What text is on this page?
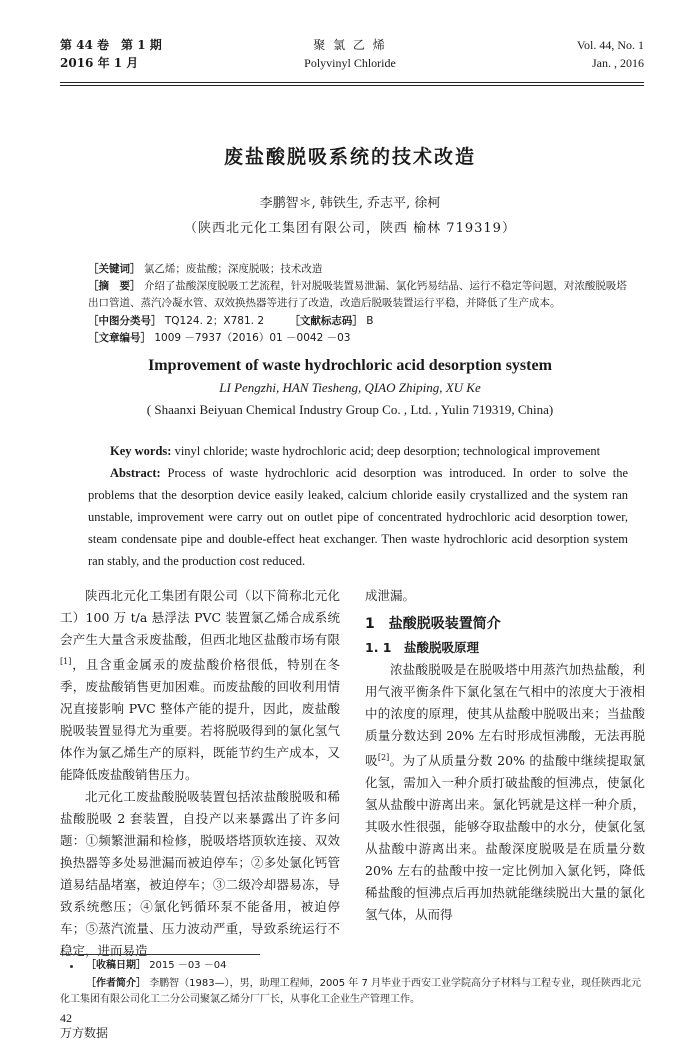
第 44 卷　第 1 期
2016 年 1 月
聚 氯 乙 烯
Polyvinyl Chloride
Vol. 44, No. 1
Jan. , 2016
废盐酸脱吸系统的技术改造
李鹏智＊, 韩铁生, 乔志平, 徐柯
（陕西北元化工集团有限公司，陕西 榆林 719319）
［关键词］ 氯乙烯；废盐酸；深度脱吸；技术改造
［摘　要］ 介绍了盐酸深度脱吸工艺流程，针对脱吸装置易泄漏、氯化钙易结晶、运行不稳定等问题，对浓酸脱吸塔出口管道、蒸汽冷凝水管、双效换热器等进行了改造，改造后脱吸装置运行平稳，并降低了生产成本。
［中图分类号］ TQ124. 2；X781. 2 ［文献标志码］ B ［文章编号］ 1009 －7937（2016）01 －0042 －03
Improvement of waste hydrochloric acid desorption system
LI Pengzhi, HAN Tiesheng, QIAO Zhiping, XU Ke
( Shaanxi Beiyuan Chemical Industry Group Co. , Ltd. , Yulin 719319, China)
Key words: vinyl chloride; waste hydrochloric acid; deep desorption; technological improvement
Abstract: Process of waste hydrochloric acid desorption was introduced. In order to solve the problems that the desorption device easily leaked, calcium chloride easily crystallized and the system ran unstable, improvement were carry out on outlet pipe of concentrated hydrochloric acid desorption tower, steam condensate pipe and double-effect heat exchanger. Then waste hydrochloric acid desorption system ran stably, and the production cost reduced.

陕西北元化工集团有限公司（以下简称北元化工）100 万 t/a 悬浮法 PVC 装置氯乙烯合成系统会产生大量含汞废盐酸，但西北地区盐酸市场有限[1]，且含重金属汞的废盐酸价格很低，特别在冬季，废盐酸销售更加困难。而废盐酸的回收利用情况直接影响 PVC 整体产能的提升，因此，废盐酸脱吸装置显得尤为重要。若将脱吸得到的氯化氢气体作为氯乙烯生产的原料，既能节约生产成本，又能降低废盐酸销售压力。

北元化工废盐酸脱吸装置包括浓盐酸脱吸和稀盐酸脱吸 2 套装置，自投产以来暴露出了许多问题：①频繁泄漏和检修，脱吸塔塔顶软连接、双效换热器等多处易泄漏而被迫停车；②多处氯化钙管道易结晶堵塞，被迫停车；③二级冷却器易冻，导致系统憋压；④氯化钙循环泵不能备用，被迫停车；⑤蒸汽流量、压力波动严重，导致系统运行不稳定，进而易造

成泄漏。

1　盐酸脱吸装置简介
1. 1　盐酸脱吸原理

浓盐酸脱吸是在脱吸塔中用蒸汽加热盐酸，利用气液平衡条件下氯化氢在气相中的浓度大于液相中的浓度的原理，使其从盐酸中脱吸出来；当盐酸质量分数达到 20% 左右时形成恒沸酸，无法再脱吸[2]。为了从质量分数 20% 的盐酸中继续提取氯化氢，需加入一种介质打破盐酸的恒沸点，使氯化氢从盐酸中游离出来。氯化钙就是这样一种介质，其吸水性很强，能够夺取盐酸中的水分，使氯化氢从盐酸中游离出来。盐酸深度脱吸是在质量分数 20% 左右的盐酸中按一定比例加入氯化钙，降低稀盐酸的恒沸点后再加热就能继续脱出大量的氯化氢气体，从而得

［收稿日期］ 2015 －03 －04
［作者简介］ 李鹏智（1983—），男，助理工程师，2005 年 7 月毕业于西安工业学院高分子材料与工程专业，现任陕西北元化工集团有限公司化工二分公司聚氯乙烯分厂厂长，从事化工企业生产管理工作。
42
万方数据
